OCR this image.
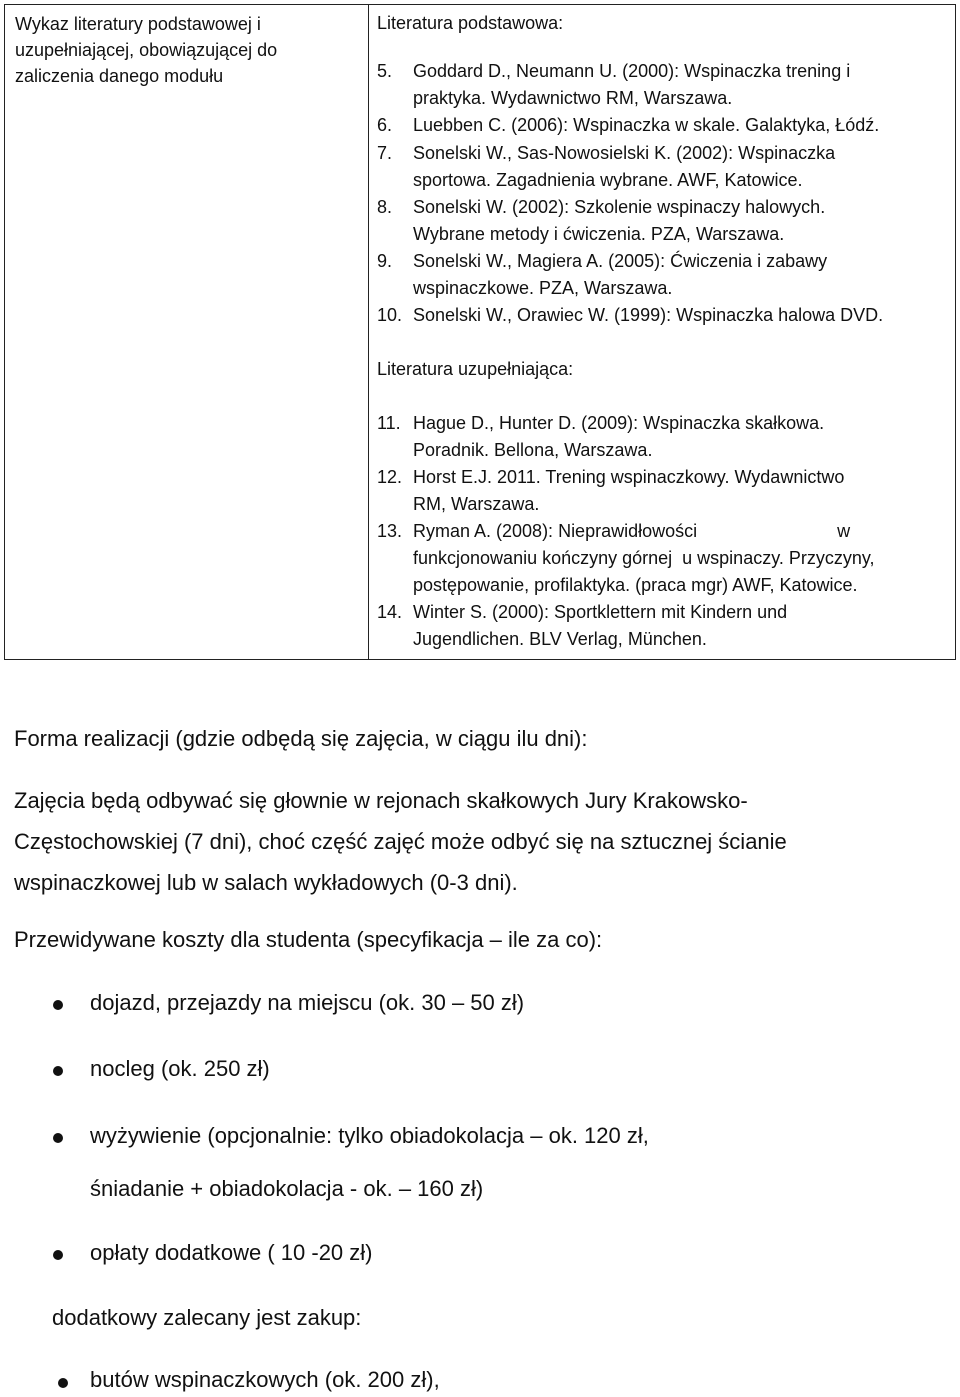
Wykaz literatury podstawowej i
uzupełniającej, obowiązującej do
zaliczenia danego modułu
Literatura podstawowa:
5. Goddard D., Neumann U. (2000): Wspinaczka trening i
praktyka. Wydawnictwo RM, Warszawa.
6. Luebben C. (2006): Wspinaczka w skale. Galaktyka, Łódź.
7. Sonelski W., Sas-Nowosielski K. (2002): Wspinaczka
sportowa. Zagadnienia wybrane. AWF, Katowice.
8. Sonelski W. (2002): Szkolenie wspinaczy halowych.
Wybrane metody i ćwiczenia. PZA, Warszawa.
9. Sonelski W., Magiera A. (2005): Ćwiczenia i zabawy
wspinaczkowe. PZA, Warszawa.
10. Sonelski W., Orawiec W. (1999): Wspinaczka halowa DVD.
Literatura uzupełniająca:
11. Hague D., Hunter D. (2009): Wspinaczka skałkowa.
Poradnik. Bellona, Warszawa.
12. Horst E.J. 2011. Trening wspinaczkowy. Wydawnictwo
RM, Warszawa.
13. Ryman A. (2008): Nieprawidłowości                            w
funkcjonowaniu kończyny górnej  u wspinaczy. Przyczyny,
postępowanie, profilaktyka. (praca mgr) AWF, Katowice.
14. Winter S. (2000): Sportklettern mit Kindern und
Jugendlichen. BLV Verlag, München.
Forma realizacji (gdzie odbędą się zajęcia, w ciągu ilu dni):
Zajęcia będą odbywać się głownie w rejonach skałkowych Jury Krakowsko-
Częstochowskiej (7 dni), choć część zajęć może odbyć się na sztucznej ścianie
wspinaczkowej lub w salach wykładowych (0-3 dni).
Przewidywane koszty dla studenta (specyfikacja – ile za co):
dojazd, przejazdy na miejscu (ok. 30 – 50 zł)
nocleg (ok. 250 zł)
wyżywienie (opcjonalnie: tylko obiadokolacja – ok. 120 zł,
śniadanie + obiadokolacja - ok. – 160 zł)
opłaty dodatkowe ( 10 -20 zł)
dodatkowy zalecany jest zakup:
butów wspinaczkowych (ok. 200 zł),
